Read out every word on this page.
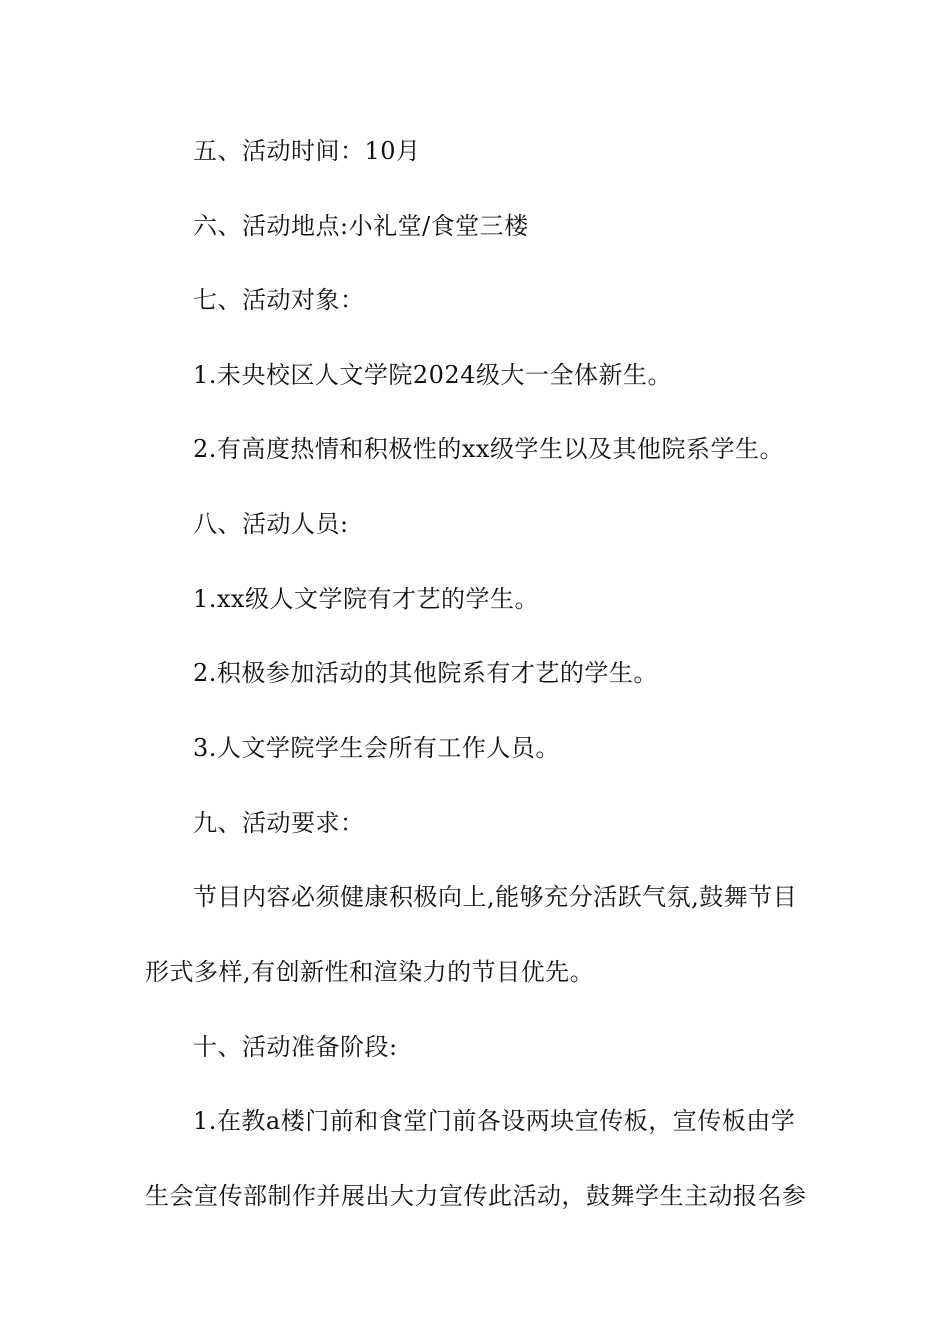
五、活动时间：10月
六、活动地点:小礼堂/食堂三楼
七、活动对象：
1.未央校区人文学院2024级大一全体新生。
2.有高度热情和积极性的xx级学生以及其他院系学生。
八、活动人员:
1.xx级人文学院有才艺的学生。
2.积极参加活动的其他院系有才艺的学生。
3.人文学院学生会所有工作人员。
九、活动要求：
节目内容必须健康积极向上,能够充分活跃气氛,鼓舞节目
形式多样,有创新性和渲染力的节目优先。
十、活动准备阶段:
1.在教a楼门前和食堂门前各设两块宣传板，宣传板由学
生会宣传部制作并展出大力宣传此活动，鼓舞学生主动报名参
